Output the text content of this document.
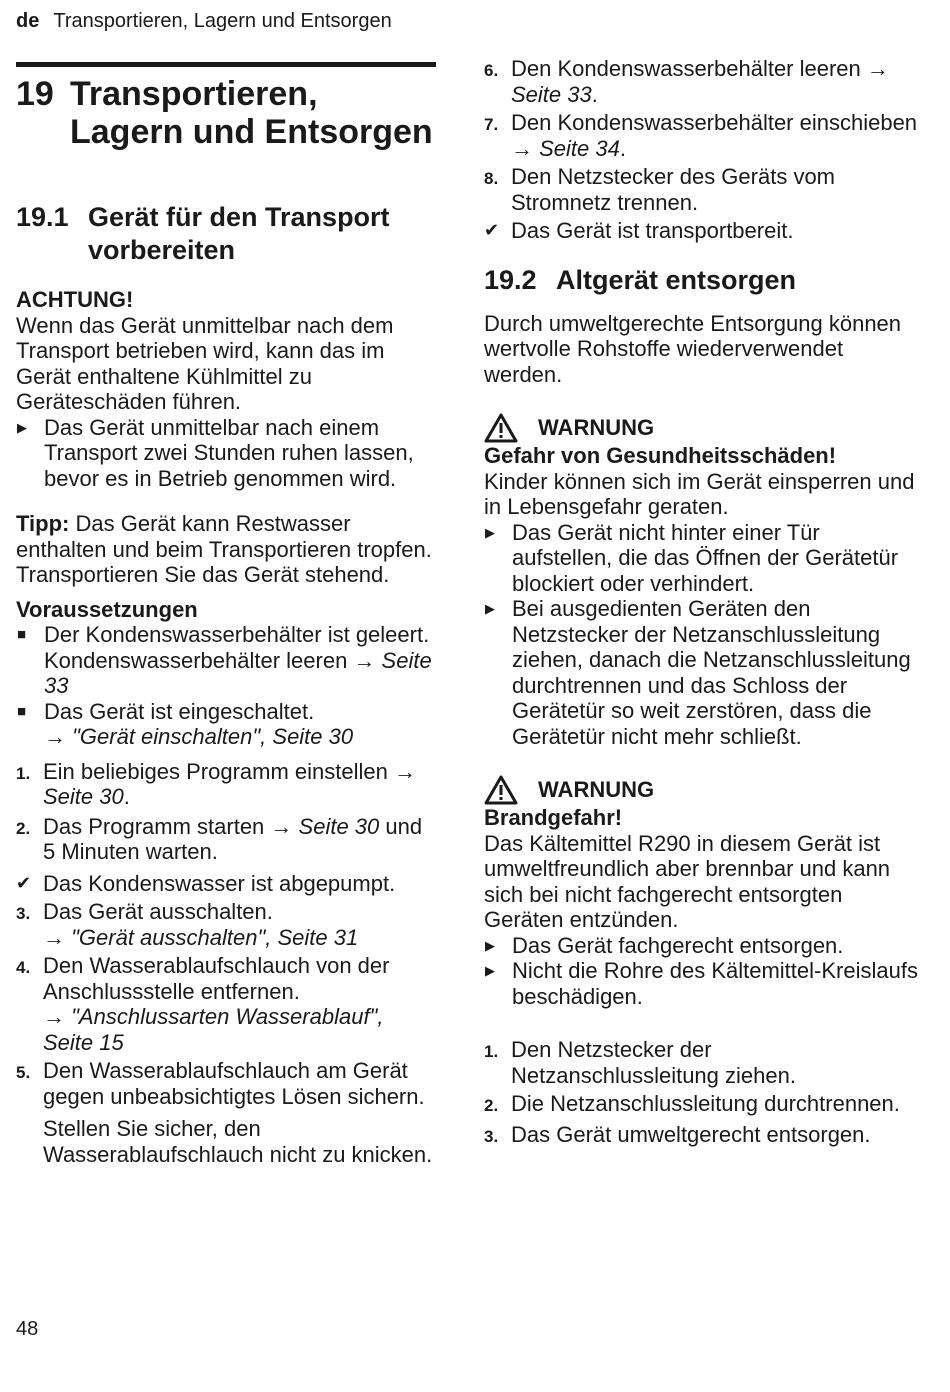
de Transportieren, Lagern und Entsorgen
19 Transportieren,
Lagern und Entsorgen
19.1 Gerät für den Transport
vorbereiten
ACHTUNG!
Wenn das Gerät unmittelbar nach dem Transport betrieben wird, kann das im Gerät enthaltene Kühlmittel zu Geräteschäden führen.
▶ Das Gerät unmittelbar nach einem Transport zwei Stunden ruhen lassen, bevor es in Betrieb genommen wird.
Tipp: Das Gerät kann Restwasser enthalten und beim Transportieren tropfen. Transportieren Sie das Gerät stehend.
Voraussetzungen
■ Der Kondenswasserbehälter ist geleert. Kondenswasserbehälter leeren → Seite 33
■ Das Gerät ist eingeschaltet.
→ "Gerät einschalten", Seite 30
1. Ein beliebiges Programm einstellen → Seite 30.
2. Das Programm starten → Seite 30 und 5 Minuten warten.
✔ Das Kondenswasser ist abgepumpt.
3. Das Gerät ausschalten.
→ "Gerät ausschalten", Seite 31
4. Den Wasserablaufschlauch von der Anschlussstelle entfernen.
→ "Anschlussarten Wasserablauf", Seite 15
5. Den Wasserablaufschlauch am Gerät gegen unbeabsichtigtes Lösen sichern.
Stellen Sie sicher, den Wasserablaufschlauch nicht zu knicken.
6. Den Kondenswasserbehälter leeren → Seite 33.
7. Den Kondenswasserbehälter einschieben → Seite 34.
8. Den Netzstecker des Geräts vom Stromnetz trennen.
✔ Das Gerät ist transportbereit.
19.2 Altgerät entsorgen
Durch umweltgerechte Entsorgung können wertvolle Rohstoffe wiederverwendet werden.
WARNUNG
Gefahr von Gesundheitsschäden!
Kinder können sich im Gerät einsperren und in Lebensgefahr geraten.
▶ Das Gerät nicht hinter einer Tür aufstellen, die das Öffnen der Gerätetür blockiert oder verhindert.
▶ Bei ausgedienten Geräten den Netzstecker der Netzanschlussleitung ziehen, danach die Netzanschlussleitung durchtrennen und das Schloss der Gerätetür so weit zerstören, dass die Gerätetür nicht mehr schließt.
WARNUNG
Brandgefahr!
Das Kältemittel R290 in diesem Gerät ist umweltfreundlich aber brennbar und kann sich bei nicht fachgerecht entsorgten Geräten entzünden.
▶ Das Gerät fachgerecht entsorgen.
▶ Nicht die Rohre des Kältemittel-Kreislaufs beschädigen.
1. Den Netzstecker der Netzanschlussleitung ziehen.
2. Die Netzanschlussleitung durchtrennen.
3. Das Gerät umweltgerecht entsorgen.
48
